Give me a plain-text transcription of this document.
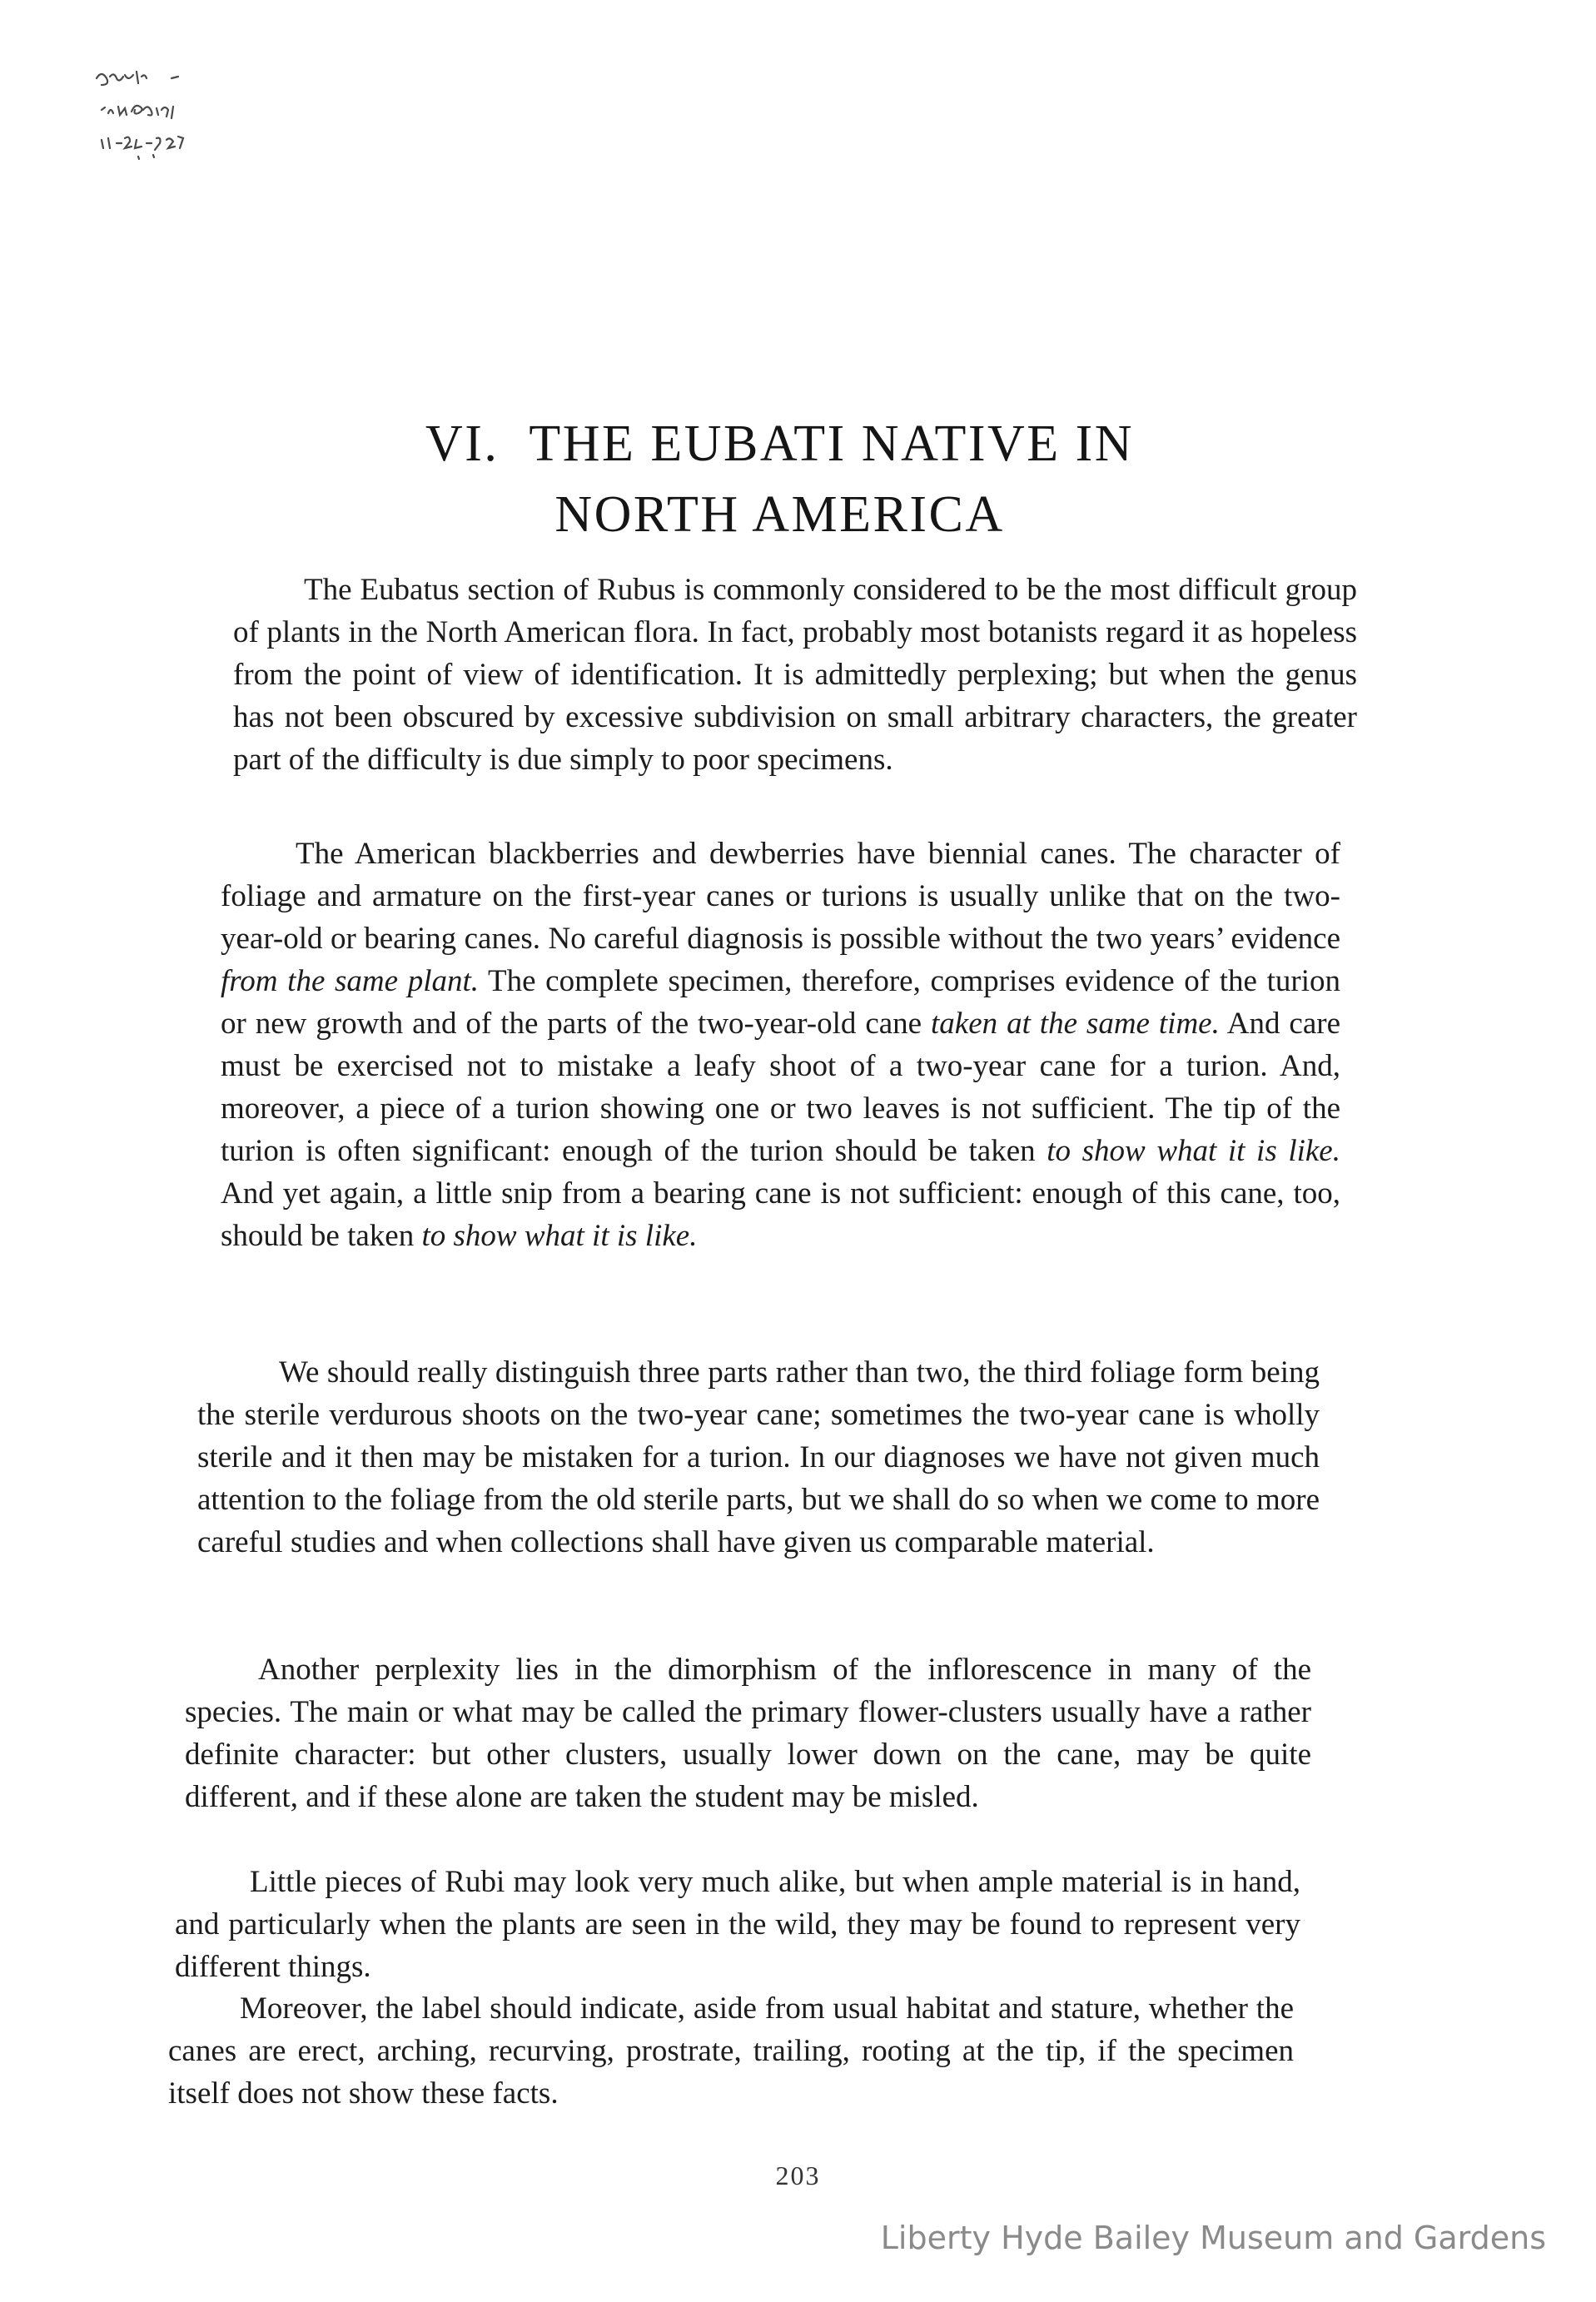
VI. THE EUBATI NATIVE IN
NORTH AMERICA

The Eubatus section of Rubus is commonly considered to be the most difficult group of plants in the North American flora. In fact, probably most botanists regard it as hopeless from the point of view of identification. It is admittedly perplexing; but when the genus has not been obscured by excessive subdivision on small arbitrary characters, the greater part of the difficulty is due simply to poor specimens.

The American blackberries and dewberries have biennial canes. The character of foliage and armature on the first-year canes or turions is usually unlike that on the two-year-old or bearing canes. No careful diagnosis is possible without the two years’ evidence from the same plant. The complete specimen, therefore, comprises evidence of the turion or new growth and of the parts of the two-year-old cane taken at the same time. And care must be exercised not to mistake a leafy shoot of a two-year cane for a turion. And, moreover, a piece of a turion showing one or two leaves is not sufficient. The tip of the turion is often significant: enough of the turion should be taken to show what it is like. And yet again, a little snip from a bearing cane is not sufficient: enough of this cane, too, should be taken to show what it is like.

We should really distinguish three parts rather than two, the third foliage form being the sterile verdurous shoots on the two-year cane; sometimes the two-year cane is wholly sterile and it then may be mistaken for a turion. In our diagnoses we have not given much attention to the foliage from the old sterile parts, but we shall do so when we come to more careful studies and when collections shall have given us comparable material.

Another perplexity lies in the dimorphism of the inflorescence in many of the species. The main or what may be called the primary flower-clusters usually have a rather definite character: but other clusters, usually lower down on the cane, may be quite different, and if these alone are taken the student may be misled.

Little pieces of Rubi may look very much alike, but when ample material is in hand, and particularly when the plants are seen in the wild, they may be found to represent very different things.

Moreover, the label should indicate, aside from usual habitat and stature, whether the canes are erect, arching, recurving, prostrate, trailing, rooting at the tip, if the specimen itself does not show these facts.

203
Liberty Hyde Bailey Museum and Gardens
